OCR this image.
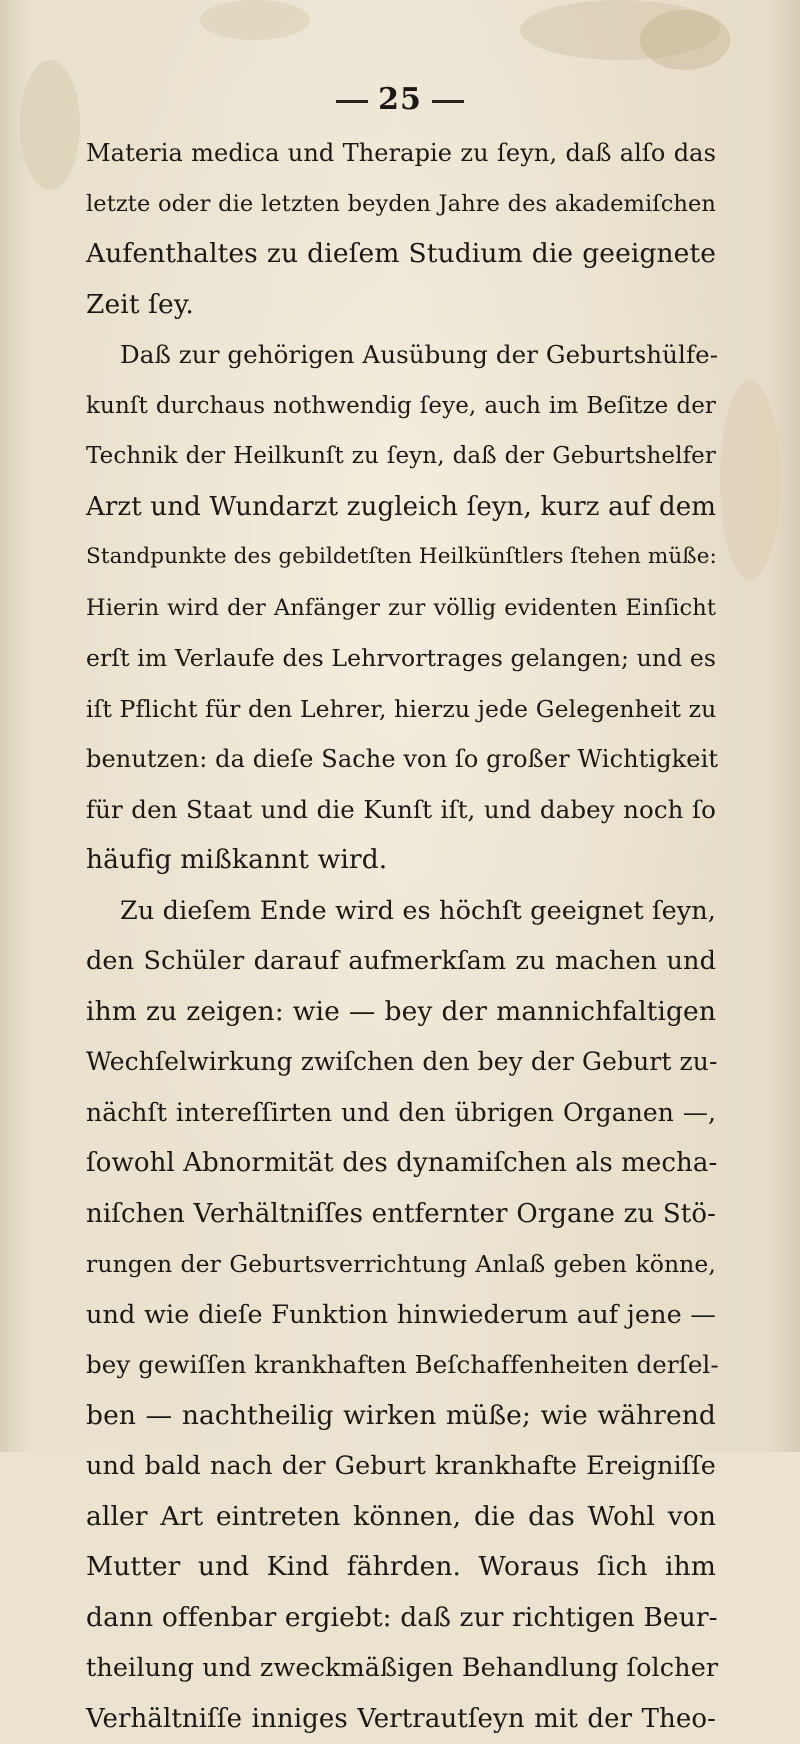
25
Materia medica und Therapie zu ſeyn, daß alſo das
letzte oder die letzten beyden Jahre des akademiſchen
Aufenthaltes zu dieſem Studium die geeignete
Zeit ſey.
Daß zur gehörigen Ausübung der Geburtshülfe-
kunſt durchaus nothwendig ſeye, auch im Beſitze der
Technik der Heilkunſt zu ſeyn, daß der Geburtshelfer
Arzt und Wundarzt zugleich ſeyn, kurz auf dem
Standpunkte des gebildetſten Heilkünſtlers ſtehen müße:
Hierin wird der Anfänger zur völlig evidenten Einſicht
erſt im Verlaufe des Lehrvortrages gelangen; und es
iſt Pflicht für den Lehrer, hierzu jede Gelegenheit zu
benutzen: da dieſe Sache von ſo großer Wichtigkeit
für den Staat und die Kunſt iſt, und dabey noch ſo
häufig mißkannt wird.
Zu dieſem Ende wird es höchſt geeignet ſeyn,
den Schüler darauf aufmerkſam zu machen und
ihm zu zeigen: wie — bey der mannichfaltigen
Wechſelwirkung zwiſchen den bey der Geburt zu-
nächſt intereſſirten und den übrigen Organen —,
ſowohl Abnormität des dynamiſchen als mecha-
niſchen Verhältniſſes entfernter Organe zu Stö-
rungen der Geburtsverrichtung Anlaß geben könne,
und wie dieſe Funktion hinwiederum auf jene —
bey gewiſſen krankhaften Beſchaffenheiten derſel-
ben — nachtheilig wirken müße; wie während
und bald nach der Geburt krankhafte Ereigniſſe
aller Art eintreten können, die das Wohl von
Mutter und Kind fährden. Woraus ſich ihm
dann offenbar ergiebt: daß zur richtigen Beur-
theilung und zweckmäßigen Behandlung ſolcher
Verhältniſſe inniges Vertrautſeyn mit der Theo-
